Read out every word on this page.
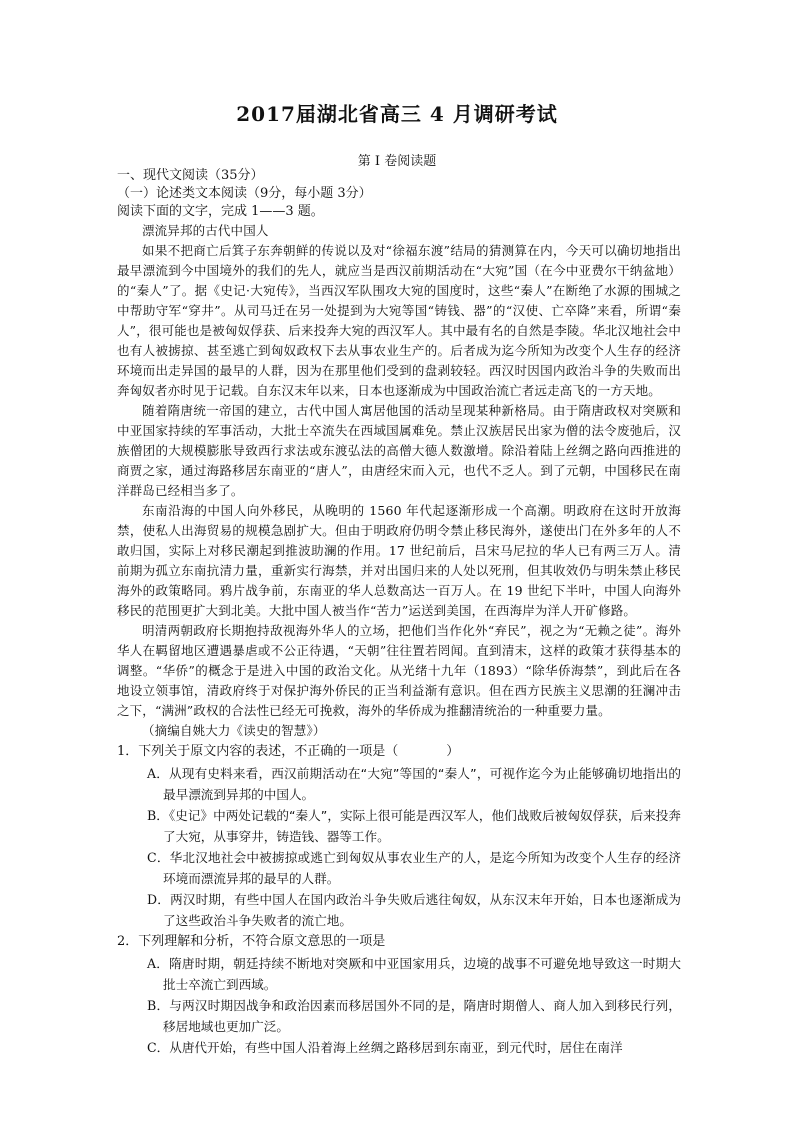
2017届湖北省高三 4 月调研考试
第 I 卷阅读题

一、现代文阅读（35分）

（一）论述类文本阅读（9分，每小题 3分）

阅读下面的文字，完成 1——3 题。

漂流异邦的古代中国人

如果不把商亡后箕子东奔朝鲜的传说以及对“徐福东渡”结局的猜测算在内，今天可以确切地指出最早漂流到今中国境外的我们的先人，就应当是西汉前期活动在“大宛”国（在今中亚费尔干纳盆地）的“秦人”了。据《史记·大宛传》，当西汉军队围攻大宛的国度时，这些“秦人”在断绝了水源的围城之中帮助守军“穿井”。从司马迁在另一处提到为大宛等国“铸钱、器”的“汉使、亡卒降”来看，所谓“秦人”，很可能也是被匈奴俘获、后来投奔大宛的西汉军人。其中最有名的自然是李陵。华北汉地社会中也有人被掳掠、甚至逃亡到匈奴政权下去从事农业生产的。后者成为迄今所知为改变个人生存的经济环境而出走异国的最早的人群，因为在那里他们受到的盘剥较轻。西汉时因国内政治斗争的失败而出奔匈奴者亦时见于记载。自东汉末年以来，日本也逐渐成为中国政治流亡者远走高飞的一方天地。

随着隋唐统一帝国的建立，古代中国人寓居他国的活动呈现某种新格局。由于隋唐政权对突厥和中亚国家持续的军事活动，大批士卒流失在西域国属难免。禁止汉族居民出家为僧的法令废弛后，汉族僧团的大规模膨胀导致西行求法或东渡弘法的高僧大德人数激增。除沿着陆上丝绸之路向西推进的商贾之家，通过海路移居东南亚的“唐人”，由唐经宋而入元，也代不乏人。到了元朝，中国移民在南洋群岛已经相当多了。

东南沿海的中国人向外移民，从晚明的 1560 年代起逐渐形成一个高潮。明政府在这时开放海禁，使私人出海贸易的规模急剧扩大。但由于明政府仍明令禁止移民海外，遂使出门在外多年的人不敢归国，实际上对移民潮起到推波助澜的作用。17 世纪前后，吕宋马尼拉的华人已有两三万人。清前期为孤立东南抗清力量，重新实行海禁，并对出国归来的人处以死刑，但其收效仍与明朱禁止移民海外的政策略同。鸦片战争前，东南亚的华人总数高达一百万人。在 19 世纪下半叶，中国人向海外移民的范围更扩大到北美。大批中国人被当作“苦力”运送到美国，在西海岸为洋人开矿修路。

明清两朝政府长期抱持敌视海外华人的立场，把他们当作化外“弃民”，视之为“无赖之徒”。海外华人在羁留地区遭遇暴虐或不公正待遇，“天朝”往往置若罔闻。直到清末，这样的政策才获得基本的调整。“华侨”的概念于是进入中国的政治文化。从光绪十九年（1893）“除华侨海禁”，到此后在各地设立领事馆，清政府终于对保护海外侨民的正当利益渐有意识。但在西方民族主义思潮的狂澜冲击之下，“满洲”政权的合法性已经无可挽救，海外的华侨成为推翻清统治的一种重要力量。

（摘编自姚大力《读史的智慧》）

1．下列关于原文内容的表述，不正确的一项是（	）

A．从现有史料来看，西汉前期活动在“大宛”等国的“秦人”，可视作迄今为止能够确切地指出的最早漂流到异邦的中国人。

B．《史记》中两处记载的“秦人”，实际上很可能是西汉军人，他们战败后被匈奴俘获，后来投奔了大宛，从事穿井，铸造钱、器等工作。

C．华北汉地社会中被掳掠或逃亡到匈奴从事农业生产的人，是迄今所知为改变个人生存的经济环境而漂流异邦的最早的人群。

D．两汉时期，有些中国人在国内政治斗争失败后逃往匈奴，从东汉末年开始，日本也逐渐成为了这些政治斗争失败者的流亡地。

2．下列理解和分析，不符合原文意思的一项是

A．隋唐时期，朝廷持续不断地对突厥和中亚国家用兵，边境的战事不可避免地导致这一时期大批士卒流亡到西域。

B．与两汉时期因战争和政治因素而移居国外不同的是，隋唐时期僧人、商人加入到移民行列，移居地域也更加广泛。

C．从唐代开始，有些中国人沿着海上丝绸之路移居到东南亚，到元代时，居住在南洋
